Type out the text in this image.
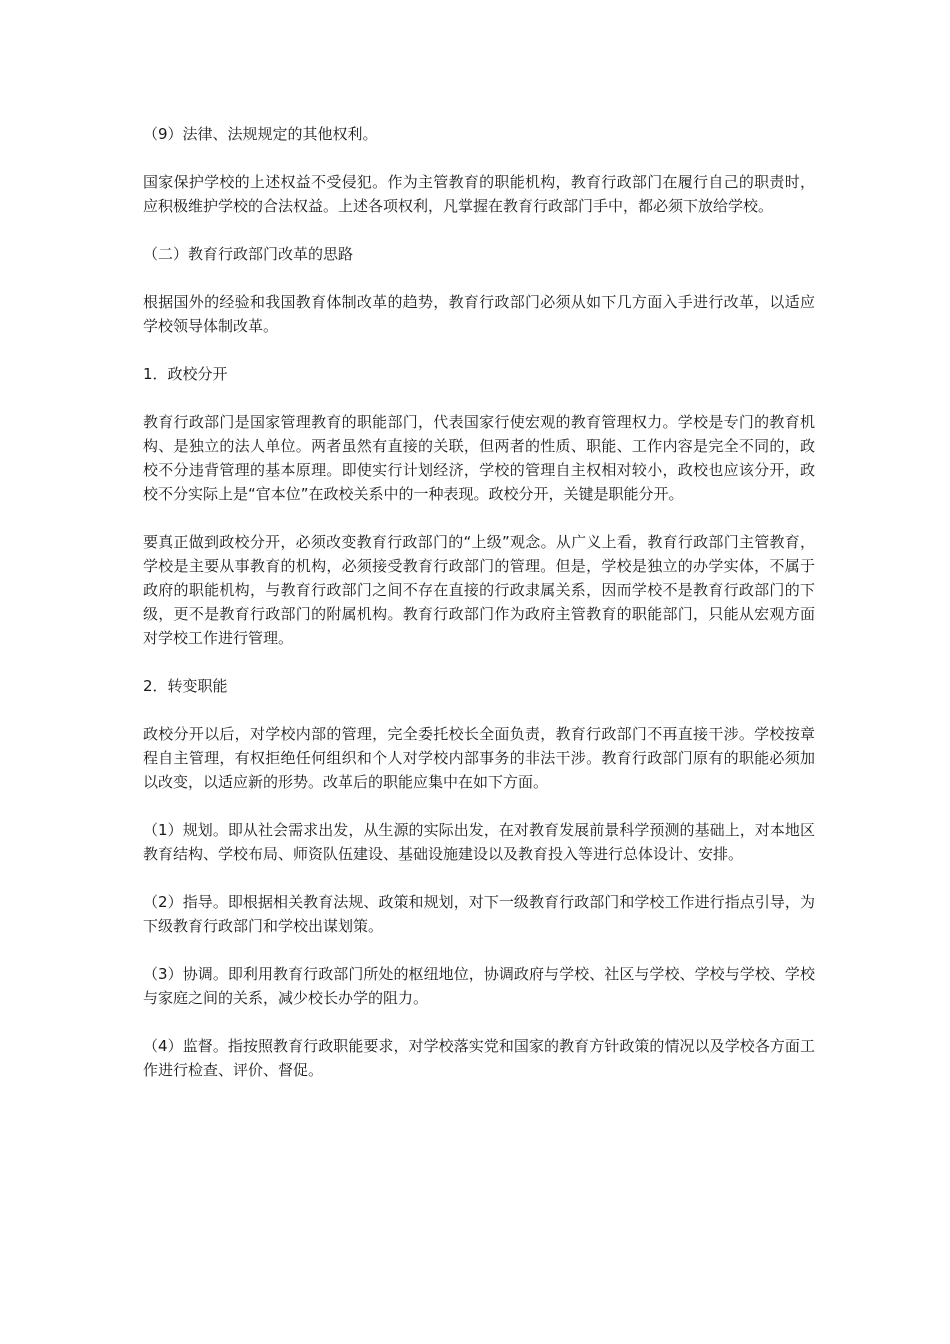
（9）法律、法规规定的其他权利。

国家保护学校的上述权益不受侵犯。作为主管教育的职能机构，教育行政部门在履行自己的职责时，应积极维护学校的合法权益。上述各项权利，凡掌握在教育行政部门手中，都必须下放给学校。

（二）教育行政部门改革的思路

根据国外的经验和我国教育体制改革的趋势，教育行政部门必须从如下几方面入手进行改革，以适应学校领导体制改革。

1．政校分开

教育行政部门是国家管理教育的职能部门，代表国家行使宏观的教育管理权力。学校是专门的教育机构、是独立的法人单位。两者虽然有直接的关联，但两者的性质、职能、工作内容是完全不同的，政校不分违背管理的基本原理。即使实行计划经济，学校的管理自主权相对较小，政校也应该分开，政校不分实际上是“官本位”在政校关系中的一种表现。政校分开，关键是职能分开。

要真正做到政校分开，必须改变教育行政部门的“上级”观念。从广义上看，教育行政部门主管教育，学校是主要从事教育的机构，必须接受教育行政部门的管理。但是，学校是独立的办学实体，不属于政府的职能机构，与教育行政部门之间不存在直接的行政隶属关系，因而学校不是教育行政部门的下级，更不是教育行政部门的附属机构。教育行政部门作为政府主管教育的职能部门，只能从宏观方面对学校工作进行管理。

2．转变职能

政校分开以后，对学校内部的管理，完全委托校长全面负责，教育行政部门不再直接干涉。学校按章程自主管理，有权拒绝任何组织和个人对学校内部事务的非法干涉。教育行政部门原有的职能必须加以改变，以适应新的形势。改革后的职能应集中在如下方面。

（1）规划。即从社会需求出发，从生源的实际出发，在对教育发展前景科学预测的基础上，对本地区教育结构、学校布局、师资队伍建设、基础设施建设以及教育投入等进行总体设计、安排。

（2）指导。即根据相关教育法规、政策和规划，对下一级教育行政部门和学校工作进行指点引导，为下级教育行政部门和学校出谋划策。

（3）协调。即利用教育行政部门所处的枢纽地位，协调政府与学校、社区与学校、学校与学校、学校与家庭之间的关系，减少校长办学的阻力。

（4）监督。指按照教育行政职能要求，对学校落实党和国家的教育方针政策的情况以及学校各方面工作进行检查、评价、督促。
